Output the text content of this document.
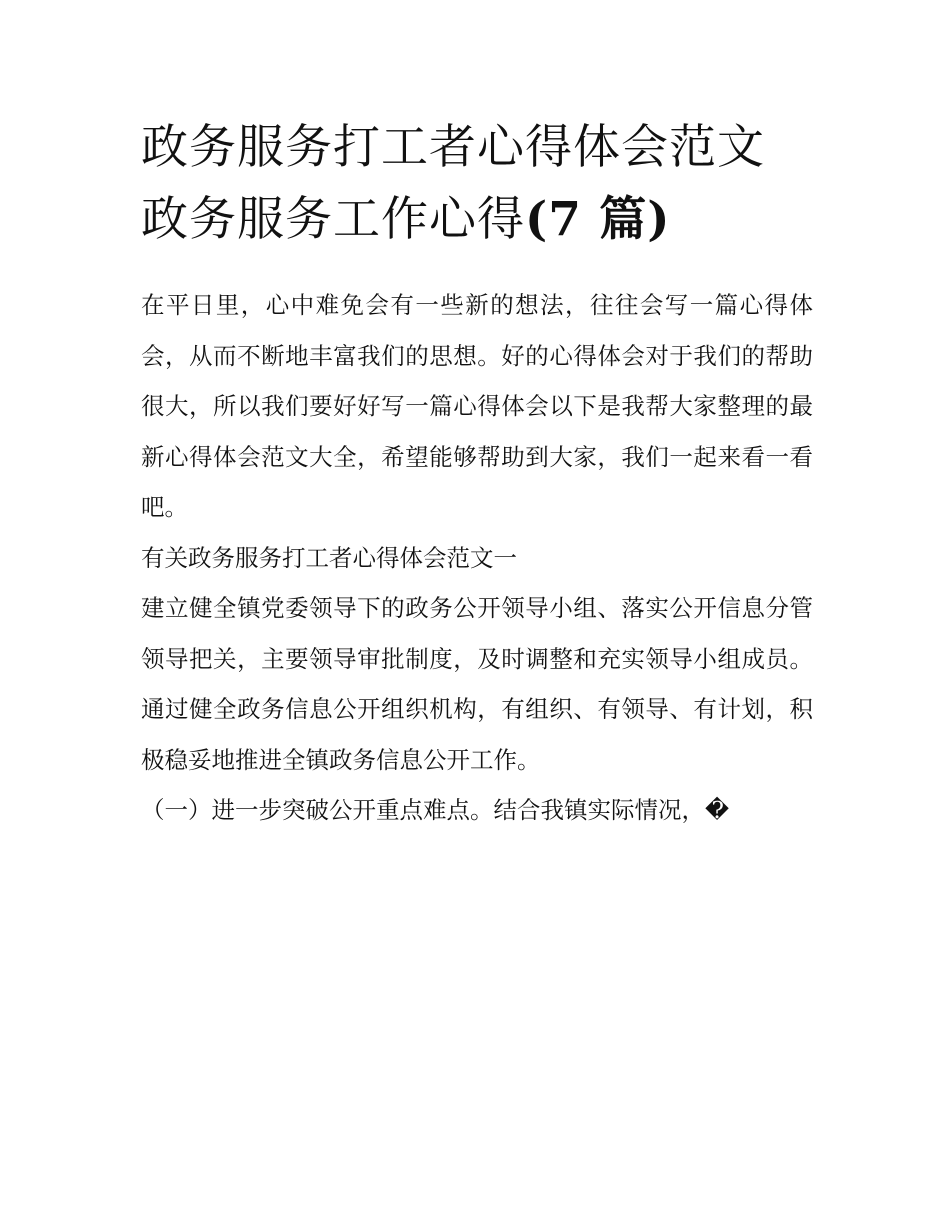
政务服务打工者心得体会范文
政务服务工作心得(7 篇)

在平日里，心中难免会有一些新的想法，往往会写一篇心得体会，从而不断地丰富我们的思想。好的心得体会对于我们的帮助很大，所以我们要好好写一篇心得体会以下是我帮大家整理的最新心得体会范文大全，希望能够帮助到大家，我们一起来看一看吧。

有关政务服务打工者心得体会范文一

建立健全镇党委领导下的政务公开领导小组、落实公开信息分管领导把关，主要领导审批制度，及时调整和充实领导小组成员。通过健全政务信息公开组织机构，有组织、有领导、有计划，积极稳妥地推进全镇政务信息公开工作。

（一）进一步突破公开重点难点。结合我镇实际情况，�
